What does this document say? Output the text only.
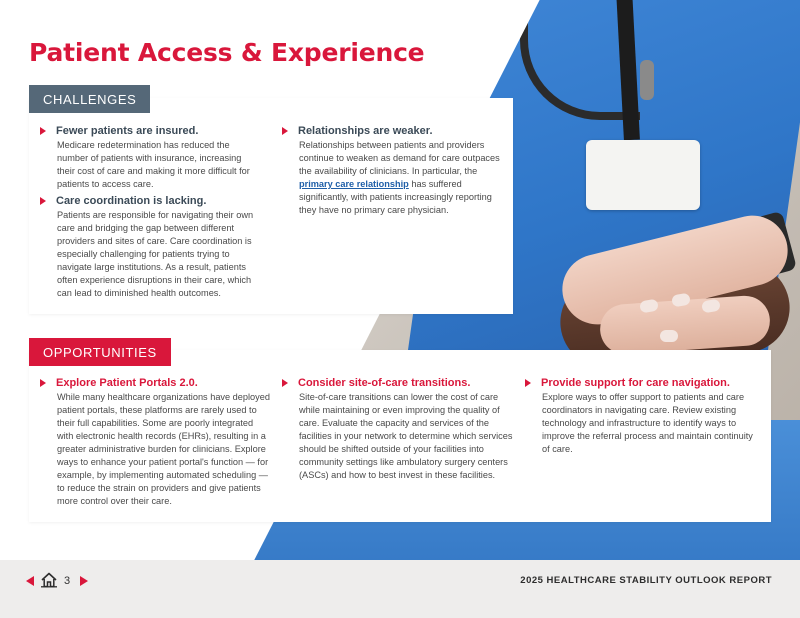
Patient Access & Experience
CHALLENGES
Fewer patients are insured.
Medicare redetermination has reduced the number of patients with insurance, increasing their cost of care and making it more difficult for patients to access care.
Care coordination is lacking.
Patients are responsible for navigating their own care and bridging the gap between different providers and sites of care. Care coordination is especially challenging for patients trying to navigate large institutions. As a result, patients often experience disruptions in their care, which can lead to diminished health outcomes.
Relationships are weaker.
Relationships between patients and providers continue to weaken as demand for care outpaces the availability of clinicians. In particular, the primary care relationship has suffered significantly, with patients increasingly reporting they have no primary care physician.
OPPORTUNITIES
Explore Patient Portals 2.0.
While many healthcare organizations have deployed patient portals, these platforms are rarely used to their full capabilities. Some are poorly integrated with electronic health records (EHRs), resulting in a greater administrative burden for clinicians. Explore ways to enhance your patient portal's function — for example, by implementing automated scheduling — to reduce the strain on providers and give patients more control over their care.
Consider site-of-care transitions.
Site-of-care transitions can lower the cost of care while maintaining or even improving the quality of care. Evaluate the capacity and services of the facilities in your network to determine which services should be shifted outside of your facilities into community settings like ambulatory surgery centers (ASCs) and how to best invest in these facilities.
Provide support for care navigation.
Explore ways to offer support to patients and care coordinators in navigating care. Review existing technology and infrastructure to identify ways to improve the referral process and maintain continuity of care.
3	2025 HEALTHCARE STABILITY OUTLOOK REPORT
